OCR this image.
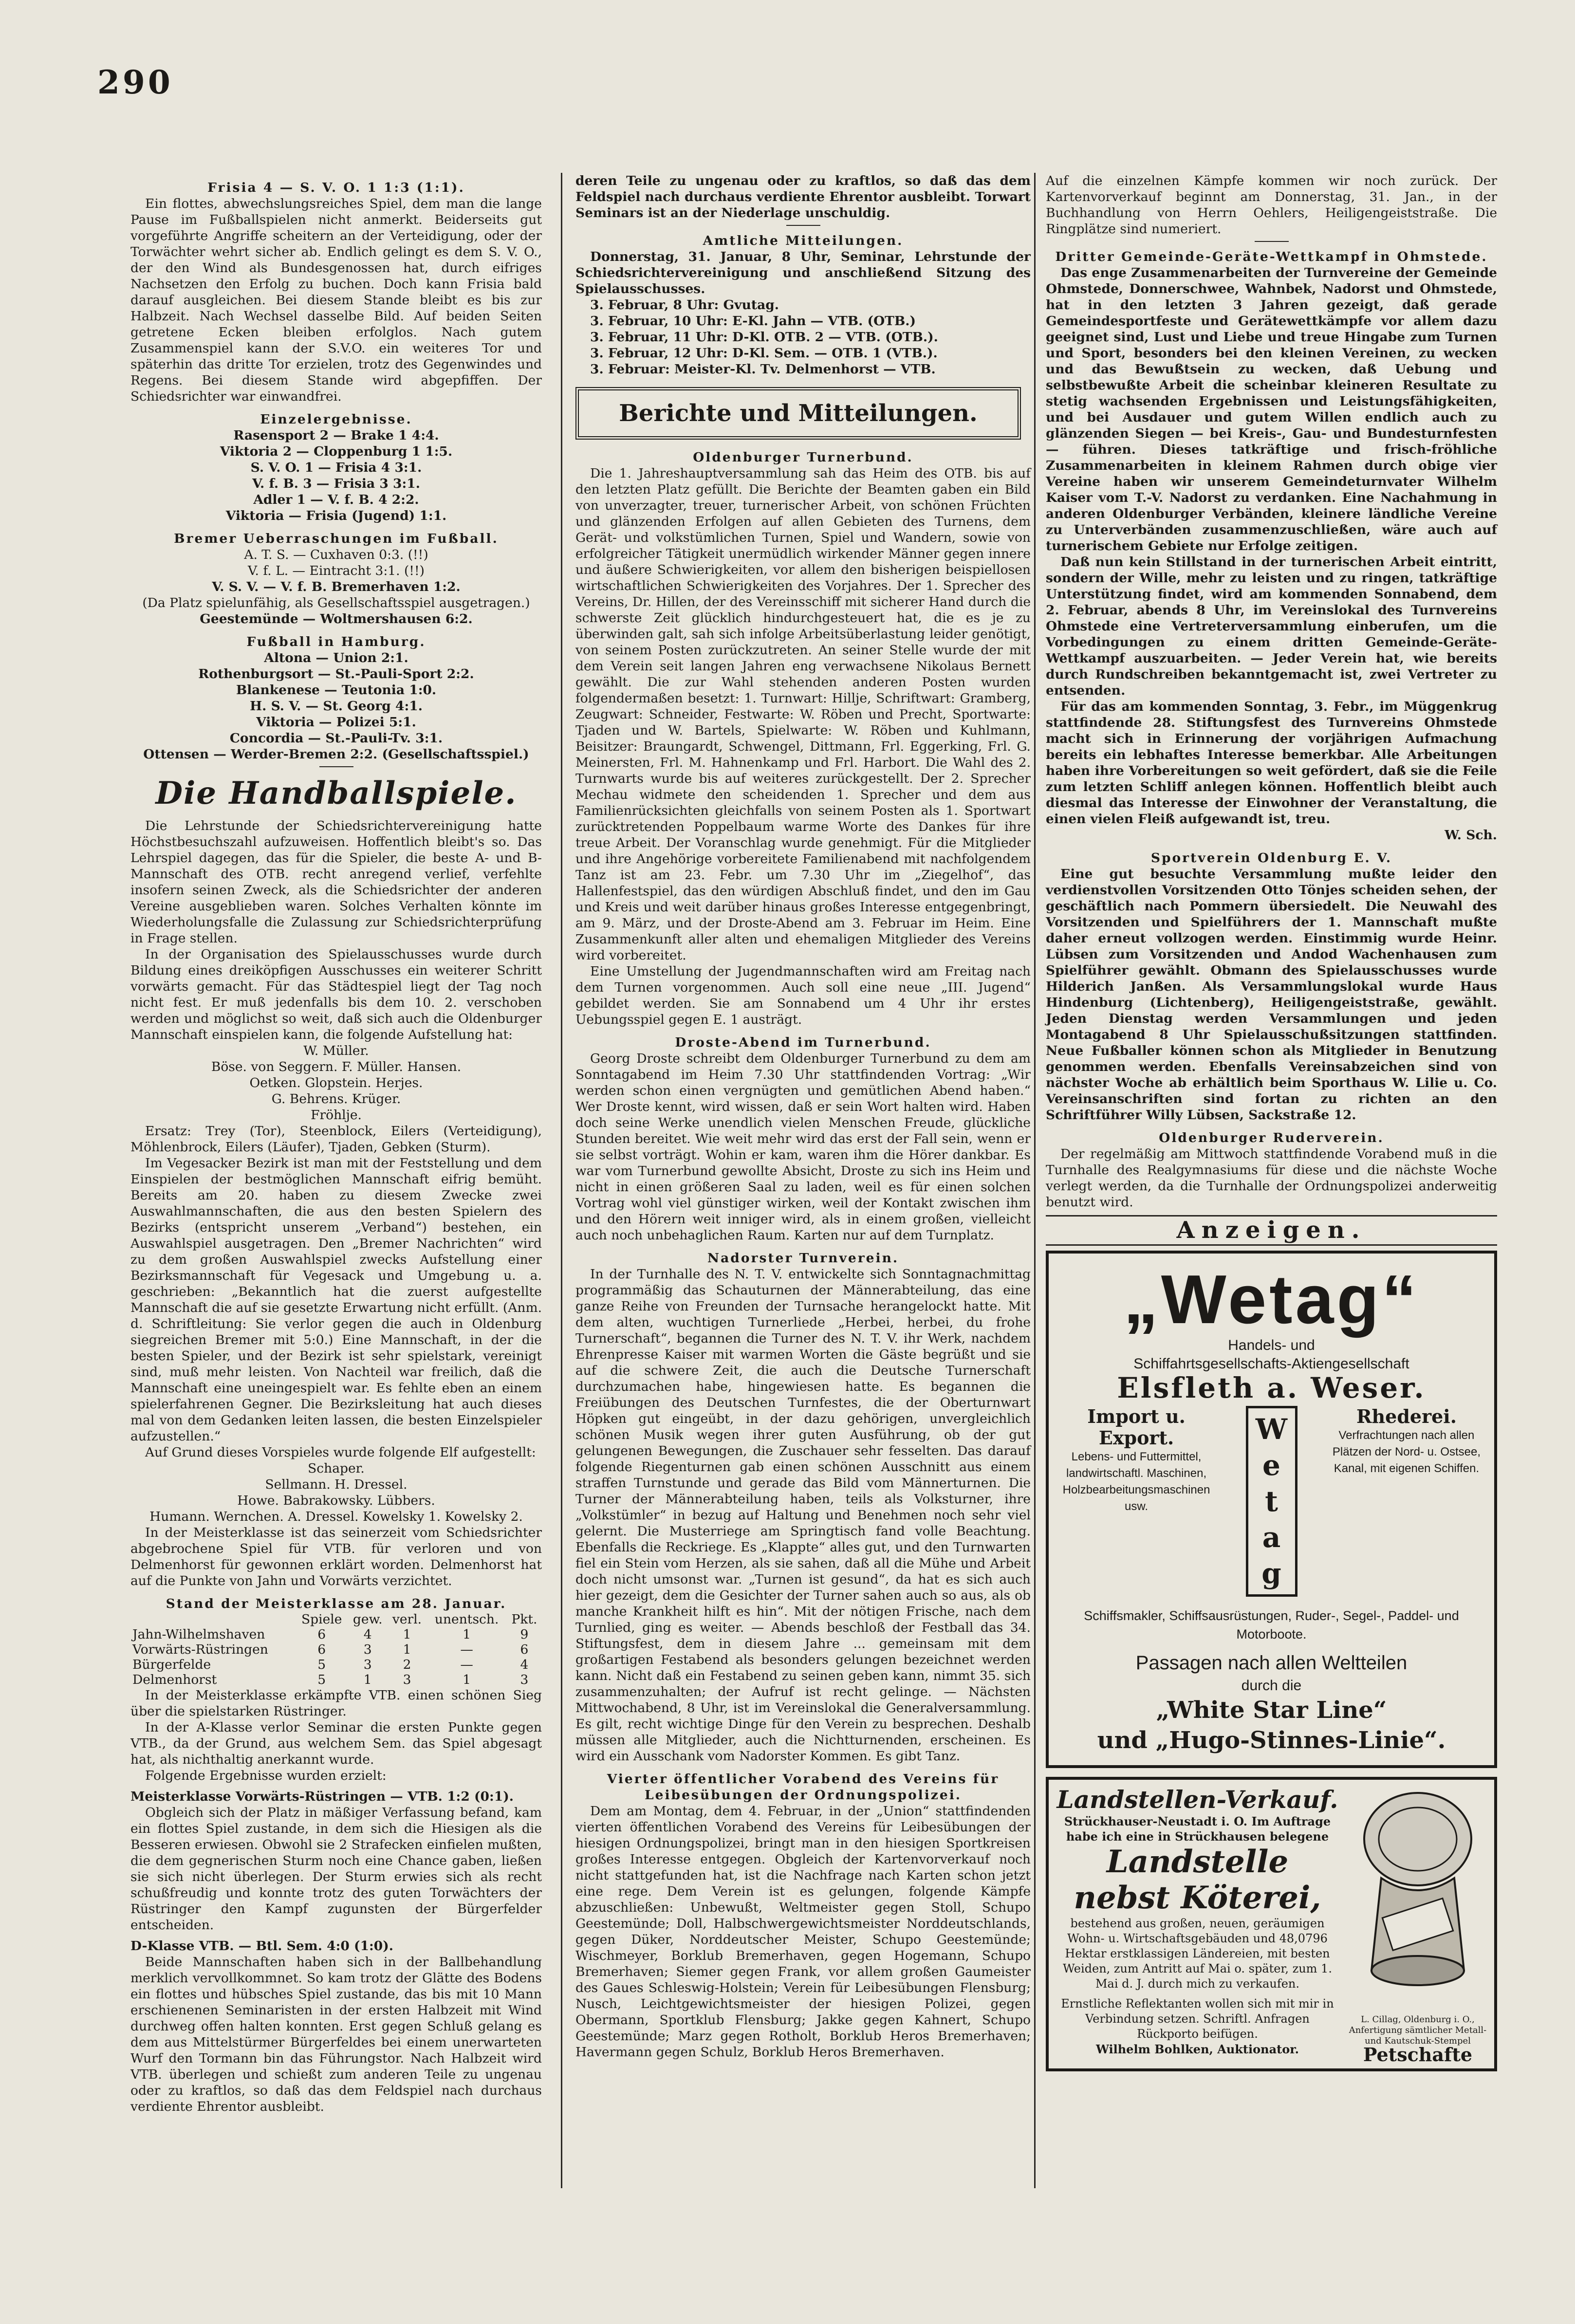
290

Frisia 4 — S. V. O. 1 1:3 (1:1).

Ein flottes, abwechslungsreiches Spiel, dem man die lange Pause im Fußballspielen nicht anmerkt. Beiderseits gut vorgeführte Angriffe scheitern an der Verteidigung, oder der Torwächter wehrt sicher ab. Endlich gelingt es dem S. V. O., der den Wind als Bundesgenossen hat, durch eifriges Nachsetzen den Erfolg zu buchen. Doch kann Frisia bald darauf ausgleichen. Bei diesem Stande bleibt es bis zur Halbzeit. Nach Wechsel dasselbe Bild. Auf beiden Seiten getretene Ecken bleiben erfolglos. Nach gutem Zusammenspiel kann der S.V.O. ein weiteres Tor und späterhin das dritte Tor erzielen, trotz des Gegenwindes und Regens. Bei diesem Stande wird abgepfiffen. Der Schiedsrichter war einwandfrei.

Einzelergebnisse.

Rasensport 2 — Brake 1 4:4.
Viktoria 2 — Cloppenburg 1 1:5.
S. V. O. 1 — Frisia 4 3:1.
V. f. B. 3 — Frisia 3 3:1.
Adler 1 — V. f. B. 4 2:2.
Viktoria — Frisia (Jugend) 1:1.

Bremer Ueberraschungen im Fußball.

A. T. S. — Cuxhaven 0:3. (!!)
V. f. L. — Eintracht 3:1. (!!)
V. S. V. — V. f. B. Bremerhaven 1:2.
(Da Platz spielunfähig, als Gesellschaftsspiel ausgetragen.)
Geestemünde — Woltmershausen 6:2.

Fußball in Hamburg.

Altona — Union 2:1.
Rothenburgsort — St.-Pauli-Sport 2:2.
Blankenese — Teutonia 1:0.
H. S. V. — St. Georg 4:1.
Viktoria — Polizei 5:1.
Concordia — St.-Pauli-Tv. 3:1.
Ottensen — Werder-Bremen 2:2. (Gesellschaftsspiel.)
Die Handballspiele.

Die Lehrstunde der Schiedsrichtervereinigung hatte Höchstbesuchszahl aufzuweisen. Hoffentlich bleibt's so. Das Lehrspiel dagegen, das für die Spieler, die beste A- und B-Mannschaft des OTB. recht anregend verlief, verfehlte insofern seinen Zweck, als die Schiedsrichter der anderen Vereine ausgeblieben waren. Solches Verhalten könnte im Wiederholungsfalle die Zulassung zur Schiedsrichterprüfung in Frage stellen.

In der Organisation des Spielausschusses wurde durch Bildung eines dreiköpfigen Ausschusses ein weiterer Schritt vorwärts gemacht. Für das Städtespiel liegt der Tag noch nicht fest. Er muß jedenfalls bis dem 10. 2. verschoben werden und möglichst so weit, daß sich auch die Oldenburger Mannschaft einspielen kann, die folgende Aufstellung hat:

W. Müller.
Böse. von Seggern. F. Müller. Hansen.
Oetken. Glopstein. Herjes.
G. Behrens. Krüger.
Fröhlje.

Ersatz: Trey (Tor), Steenblock, Eilers (Verteidigung), Möhlenbrock, Eilers (Läufer), Tjaden, Gebken (Sturm).

Im Vegesacker Bezirk ist man mit der Feststellung und dem Einspielen der bestmöglichen Mannschaft eifrig bemüht. Bereits am 20. haben zu diesem Zwecke zwei Auswahlmannschaften, die aus den besten Spielern des Bezirks (entspricht unserem „Verband“) bestehen, ein Auswahlspiel ausgetragen. Den „Bremer Nachrichten“ wird zu dem großen Auswahlspiel zwecks Aufstellung einer Bezirksmannschaft für Vegesack und Umgebung u. a. geschrieben: „Bekanntlich hat die zuerst aufgestellte Mannschaft die auf sie gesetzte Erwartung nicht erfüllt. (Anm. d. Schriftleitung: Sie verlor gegen die auch in Oldenburg siegreichen Bremer mit 5:0.) Eine Mannschaft, in der die besten Spieler, und der Bezirk ist sehr spielstark, vereinigt sind, muß mehr leisten. Von Nachteil war freilich, daß die Mannschaft eine uneingespielt war. Es fehlte eben an einem spielerfahrenen Gegner. Die Bezirksleitung hat auch dieses mal von dem Gedanken leiten lassen, die besten Einzelspieler aufzustellen.“

Auf Grund dieses Vorspieles wurde folgende Elf aufgestellt:

Schaper.
Sellmann. H. Dressel.
Howe. Babrakowsky. Lübbers.
Humann. Wernchen. A. Dressel. Kowelsky 1. Kowelsky 2.

In der Meisterklasse ist das seinerzeit vom Schiedsrichter abgebrochene Spiel für VTB. für verloren und von Delmenhorst für gewonnen erklärt worden. Delmenhorst hat auf die Punkte von Jahn und Vorwärts verzichtet.

Stand der Meisterklasse am 28. Januar.

	Spiele	gew.	verl.	unentsch.	Pkt.
Jahn-Wilhelmshaven	6	4	1	1	9
Vorwärts-Rüstringen	6	3	1	—	6
Bürgerfelde	5	3	2	—	4
Delmenhorst	5	1	3	1	3

In der Meisterklasse erkämpfte VTB. einen schönen Sieg über die spielstarken Rüstringer.

In der A-Klasse verlor Seminar die ersten Punkte gegen VTB., da der Grund, aus welchem Sem. das Spiel abgesagt hat, als nichthaltig anerkannt wurde.

Folgende Ergebnisse wurden erzielt:

Meisterklasse Vorwärts-Rüstringen — VTB. 1:2 (0:1).

Obgleich sich der Platz in mäßiger Verfassung befand, kam ein flottes Spiel zustande, in dem sich die Hiesigen als die Besseren erwiesen. Obwohl sie 2 Strafecken einfielen mußten, die dem gegnerischen Sturm noch eine Chance gaben, ließen sie sich nicht überlegen. Der Sturm erwies sich als recht schußfreudig und konnte trotz des guten Torwächters der Rüstringer den Kampf zugunsten der Bürgerfelder entscheiden.

D-Klasse VTB. — Btl. Sem. 4:0 (1:0).

Beide Mannschaften haben sich in der Ballbehandlung merklich vervollkommnet. So kam trotz der Glätte des Bodens ein flottes und hübsches Spiel zustande, das bis mit 10 Mann erschienenen Seminaristen in der ersten Halbzeit mit Wind durchweg offen halten konnten. Erst gegen Schluß gelang es dem aus Mittelstürmer Bürgerfeldes bei einem unerwarteten Wurf den Tormann bin das Führungstor. Nach Halbzeit wird VTB. überlegen und schießt zum anderen Teile zu ungenau oder zu kraftlos, so daß das dem Feldspiel nach durchaus verdiente Ehrentor ausbleibt.

deren Teile zu ungenau oder zu kraftlos, so daß das dem Feldspiel nach durchaus verdiente Ehrentor ausbleibt. Torwart Seminars ist an der Niederlage unschuldig.

Amtliche Mitteilungen.

Donnerstag, 31. Januar, 8 Uhr, Seminar, Lehrstunde der Schiedsrichtervereinigung und anschließend Sitzung des Spielausschusses.

3. Februar, 8 Uhr: Gvutag.
3. Februar, 10 Uhr: E-Kl. Jahn — VTB. (OTB.)
3. Februar, 11 Uhr: D-Kl. OTB. 2 — VTB. (OTB.).
3. Februar, 12 Uhr: D-Kl. Sem. — OTB. 1 (VTB.).
3. Februar: Meister-Kl. Tv. Delmenhorst — VTB.
Berichte und Mitteilungen.

Oldenburger Turnerbund.

Die 1. Jahreshauptversammlung sah das Heim des OTB. bis auf den letzten Platz gefüllt. Die Berichte der Beamten gaben ein Bild von unverzagter, treuer, turnerischer Arbeit, von schönen Früchten und glänzenden Erfolgen auf allen Gebieten des Turnens, dem Gerät- und volkstümlichen Turnen, Spiel und Wandern, sowie von erfolgreicher Tätigkeit unermüdlich wirkender Männer gegen innere und äußere Schwierigkeiten, vor allem den bisherigen beispiellosen wirtschaftlichen Schwierigkeiten des Vorjahres. Der 1. Sprecher des Vereins, Dr. Hillen, der des Vereinsschiff mit sicherer Hand durch die schwerste Zeit glücklich hindurchgesteuert hat, die es je zu überwinden galt, sah sich infolge Arbeitsüberlastung leider genötigt, von seinem Posten zurückzutreten. An seiner Stelle wurde der mit dem Verein seit langen Jahren eng verwachsene Nikolaus Bernett gewählt. Die zur Wahl stehenden anderen Posten wurden folgendermaßen besetzt: 1. Turnwart: Hillje, Schriftwart: Gramberg, Zeugwart: Schneider, Festwarte: W. Röben und Precht, Sportwarte: Tjaden und W. Bartels, Spielwarte: W. Röben und Kuhlmann, Beisitzer: Braungardt, Schwengel, Dittmann, Frl. Eggerking, Frl. G. Meinersten, Frl. M. Hahnenkamp und Frl. Harbort. Die Wahl des 2. Turnwarts wurde bis auf weiteres zurückgestellt. Der 2. Sprecher Mechau widmete den scheidenden 1. Sprecher und dem aus Familienrücksichten gleichfalls von seinem Posten als 1. Sportwart zurücktretenden Poppelbaum warme Worte des Dankes für ihre treue Arbeit. Der Voranschlag wurde genehmigt. Für die Mitglieder und ihre Angehörige vorbereitete Familienabend mit nachfolgendem Tanz ist am 23. Febr. um 7.30 Uhr im „Ziegelhof“, das Hallenfestspiel, das den würdigen Abschluß findet, und den im Gau und Kreis und weit darüber hinaus großes Interesse entgegenbringt, am 9. März, und der Droste-Abend am 3. Februar im Heim. Eine Zusammenkunft aller alten und ehemaligen Mitglieder des Vereins wird vorbereitet.

Eine Umstellung der Jugendmannschaften wird am Freitag nach dem Turnen vorgenommen. Auch soll eine neue „III. Jugend“ gebildet werden. Sie am Sonnabend um 4 Uhr ihr erstes Uebungsspiel gegen E. 1 austrägt.

Droste-Abend im Turnerbund.

Georg Droste schreibt dem Oldenburger Turnerbund zu dem am Sonntagabend im Heim 7.30 Uhr stattfindenden Vortrag: „Wir werden schon einen vergnügten und gemütlichen Abend haben.“ Wer Droste kennt, wird wissen, daß er sein Wort halten wird. Haben doch seine Werke unendlich vielen Menschen Freude, glückliche Stunden bereitet. Wie weit mehr wird das erst der Fall sein, wenn er sie selbst vorträgt. Wohin er kam, waren ihm die Hörer dankbar. Es war vom Turnerbund gewollte Absicht, Droste zu sich ins Heim und nicht in einen größeren Saal zu laden, weil es für einen solchen Vortrag wohl viel günstiger wirken, weil der Kontakt zwischen ihm und den Hörern weit inniger wird, als in einem großen, vielleicht auch noch unbehaglichen Raum. Karten nur auf dem Turnplatz.

Nadorster Turnverein.

In der Turnhalle des N. T. V. entwickelte sich Sonntagnachmittag programmäßig das Schauturnen der Männerabteilung, das eine ganze Reihe von Freunden der Turnsache herangelockt hatte. Mit dem alten, wuchtigen Turnerliede „Herbei, herbei, du frohe Turnerschaft“, begannen die Turner des N. T. V. ihr Werk, nachdem Ehrenpresse Kaiser mit warmen Worten die Gäste begrüßt und sie auf die schwere Zeit, die auch die Deutsche Turnerschaft durchzumachen habe, hingewiesen hatte. Es begannen die Freiübungen des Deutschen Turnfestes, die der Oberturnwart Höpken gut eingeübt, in der dazu gehörigen, unvergleichlich schönen Musik wegen ihrer guten Ausführung, ob der gut gelungenen Bewegungen, die Zuschauer sehr fesselten. Das darauf folgende Riegenturnen gab einen schönen Ausschnitt aus einem straffen Turnstunde und gerade das Bild vom Männerturnen. Die Turner der Männerabteilung haben, teils als Volksturner, ihre „Volkstümler“ in bezug auf Haltung und Benehmen noch sehr viel gelernt. Die Musterriege am Springtisch fand volle Beachtung. Ebenfalls die Reckriege. Es „Klappte“ alles gut, und den Turnwarten fiel ein Stein vom Herzen, als sie sahen, daß all die Mühe und Arbeit doch nicht umsonst war. „Turnen ist gesund“, da hat es sich auch hier gezeigt, dem die Gesichter der Turner sahen auch so aus, als ob manche Krankheit hilft es hin“. Mit der nötigen Frische, nach dem Turnlied, ging es weiter. — Abends beschloß der Festball das 34. Stiftungsfest, dem in diesem Jahre ... gemeinsam mit dem großartigen Festabend als besonders gelungen bezeichnet werden kann. Nicht daß ein Festabend zu seinen geben kann, nimmt 35. sich zusammenzuhalten; der Aufruf ist recht gelinge. — Nächsten Mittwochabend, 8 Uhr, ist im Vereinslokal die Generalversammlung. Es gilt, recht wichtige Dinge für den Verein zu besprechen. Deshalb müssen alle Mitglieder, auch die Nichtturnenden, erscheinen. Es wird ein Ausschank vom Nadorster Kommen. Es gibt Tanz.

Vierter öffentlicher Vorabend des Vereins für Leibesübungen der Ordnungspolizei.

Dem am Montag, dem 4. Februar, in der „Union“ stattfindenden vierten öffentlichen Vorabend des Vereins für Leibesübungen der hiesigen Ordnungspolizei, bringt man in den hiesigen Sportkreisen großes Interesse entgegen. Obgleich der Kartenvorverkauf noch nicht stattgefunden hat, ist die Nachfrage nach Karten schon jetzt eine rege. Dem Verein ist es gelungen, folgende Kämpfe abzuschließen: Unbewußt, Weltmeister gegen Stoll, Schupo Geestemünde; Doll, Halbschwergewichtsmeister Norddeutschlands, gegen Düker, Norddeutscher Meister, Schupo Geestemünde; Wischmeyer, Borklub Bremerhaven, gegen Hogemann, Schupo Bremerhaven; Siemer gegen Frank, vor allem großen Gaumeister des Gaues Schleswig-Holstein; Verein für Leibesübungen Flensburg; Nusch, Leichtgewichtsmeister der hiesigen Polizei, gegen Obermann, Sportklub Flensburg; Jakke gegen Kahnert, Schupo Geestemünde; Marz gegen Rotholt, Borklub Heros Bremerhaven; Havermann gegen Schulz, Borklub Heros Bremerhaven.

Auf die einzelnen Kämpfe kommen wir noch zurück. Der Kartenvorverkauf beginnt am Donnerstag, 31. Jan., in der Buchhandlung von Herrn Oehlers, Heiligengeiststraße. Die Ringplätze sind numeriert.

Dritter Gemeinde-Geräte-Wettkampf in Ohmstede.

Das enge Zusammenarbeiten der Turnvereine der Gemeinde Ohmstede, Donnerschwee, Wahnbek, Nadorst und Ohmstede, hat in den letzten 3 Jahren gezeigt, daß gerade Gemeindesportfeste und Gerätewettkämpfe vor allem dazu geeignet sind, Lust und Liebe und treue Hingabe zum Turnen und Sport, besonders bei den kleinen Vereinen, zu wecken und das Bewußtsein zu wecken, daß Uebung und selbstbewußte Arbeit die scheinbar kleineren Resultate zu stetig wachsenden Ergebnissen und Leistungsfähigkeiten, und bei Ausdauer und gutem Willen endlich auch zu glänzenden Siegen — bei Kreis-, Gau- und Bundesturnfesten — führen. Dieses tatkräftige und frisch-fröhliche Zusammenarbeiten in kleinem Rahmen durch obige vier Vereine haben wir unserem Gemeindeturnvater Wilhelm Kaiser vom T.-V. Nadorst zu verdanken. Eine Nachahmung in anderen Oldenburger Verbänden, kleinere ländliche Vereine zu Unterverbänden zusammenzuschließen, wäre auch auf turnerischem Gebiete nur Erfolge zeitigen.

Daß nun kein Stillstand in der turnerischen Arbeit eintritt, sondern der Wille, mehr zu leisten und zu ringen, tatkräftige Unterstützung findet, wird am kommenden Sonnabend, dem 2. Februar, abends 8 Uhr, im Vereinslokal des Turnvereins Ohmstede eine Vertreterversammlung einberufen, um die Vorbedingungen zu einem dritten Gemeinde-Geräte-Wettkampf auszuarbeiten. — Jeder Verein hat, wie bereits durch Rundschreiben bekanntgemacht ist, zwei Vertreter zu entsenden.

Für das am kommenden Sonntag, 3. Febr., im Müggenkrug stattfindende 28. Stiftungsfest des Turnvereins Ohmstede macht sich in Erinnerung der vorjährigen Aufmachung bereits ein lebhaftes Interesse bemerkbar. Alle Arbeitungen haben ihre Vorbereitungen so weit gefördert, daß sie die Feile zum letzten Schliff anlegen können. Hoffentlich bleibt auch diesmal das Interesse der Einwohner der Veranstaltung, die einen vielen Fleiß aufgewandt ist, treu.

W. Sch.

Sportverein Oldenburg E. V.

Eine gut besuchte Versammlung mußte leider den verdienstvollen Vorsitzenden Otto Tönjes scheiden sehen, der geschäftlich nach Pommern übersiedelt. Die Neuwahl des Vorsitzenden und Spielführers der 1. Mannschaft mußte daher erneut vollzogen werden. Einstimmig wurde Heinr. Lübsen zum Vorsitzenden und Andod Wachenhausen zum Spielführer gewählt. Obmann des Spielausschusses wurde Hilderich Janßen. Als Versammlungslokal wurde Haus Hindenburg (Lichtenberg), Heiligengeiststraße, gewählt. Jeden Dienstag werden Versammlungen und jeden Montagabend 8 Uhr Spielausschußsitzungen stattfinden. Neue Fußballer können schon als Mitglieder in Benutzung genommen werden. Ebenfalls Vereinsabzeichen sind von nächster Woche ab erhältlich beim Sporthaus W. Lilie u. Co. Vereinsanschriften sind fortan zu richten an den Schriftführer Willy Lübsen, Sackstraße 12.

Oldenburger Ruderverein.

Der regelmäßig am Mittwoch stattfindende Vorabend muß in die Turnhalle des Realgymnasiums für diese und die nächste Woche verlegt werden, da die Turnhalle der Ordnungspolizei anderweitig benutzt wird.

Anzeigen.
„Wetag“
Handels- und
Schiffahrtsgesellschafts-Aktiengesellschaft
Elsfleth a. Weser.
Import u. Export.
Lebens- und Futtermittel, landwirtschaftl. Maschinen, Holzbearbeitungsmaschinen usw.
W
e
t
a
g
Rhederei.
Verfrachtungen nach allen Plätzen der Nord- u. Ostsee, Kanal, mit eigenen Schiffen.
Schiffsmakler, Schiffsausrüstungen, Ruder-, Segel-, Paddel- und Motorboote.
Passagen nach allen Weltteilen
durch die
„White Star Line“
und „Hugo-Stinnes-Linie“.
Landstellen-Verkauf.
Strückhauser-Neustadt i. O. Im Auftrage habe ich eine in Strückhausen belegene
Landstelle nebst Köterei,
bestehend aus großen, neuen, geräumigen Wohn- u. Wirtschaftsgebäuden und 48,0796 Hektar erstklassigen Ländereien, mit besten Weiden, zum Antritt auf Mai o. später, zum 1. Mai d. J. durch mich zu verkaufen.
Ernstliche Reflektanten wollen sich mit mir in Verbindung setzen. Schriftl. Anfragen Rückporto beifügen.
Wilhelm Bohlken, Auktionator.
L. Cillag, Oldenburg i. O., Anfertigung sämtlicher Metall- und Kautschuk-Stempel
Petschafte
